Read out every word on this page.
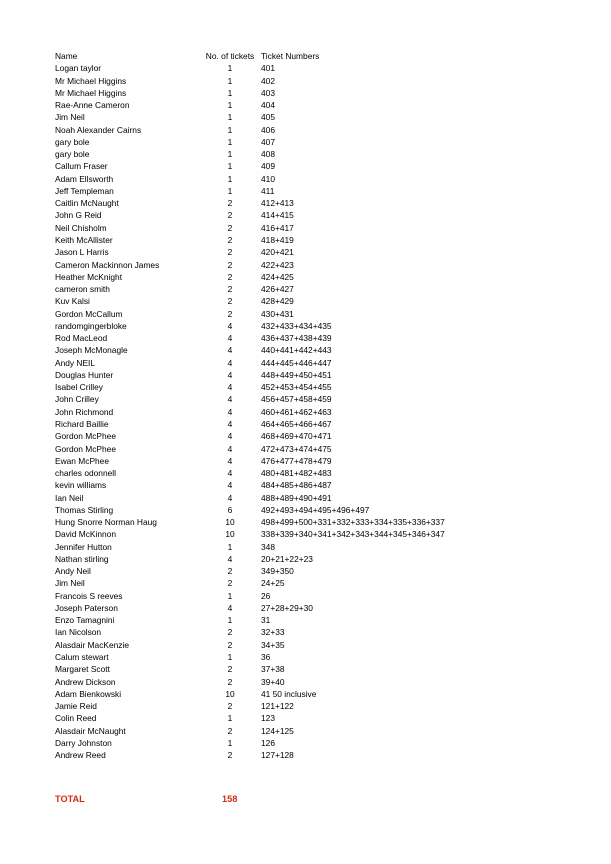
Name	No. of tickets	Ticket Numbers
Logan taylor	1	401
Mr Michael Higgins	1	402
Mr Michael Higgins	1	403
Rae-Anne Cameron	1	404
Jim Neil	1	405
Noah Alexander Cairns	1	406
gary bole	1	407
gary bole	1	408
Callum Fraser	1	409
Adam Ellsworth	1	410
Jeff Templeman	1	411
Caitlin McNaught	2	412+413
John G Reid	2	414+415
Neil Chisholm	2	416+417
Keith McAllister	2	418+419
Jason L Harris	2	420+421
Cameron Mackinnon James	2	422+423
Heather McKnight	2	424+425
cameron smith	2	426+427
Kuv Kalsi	2	428+429
Gordon McCallum	2	430+431
randomgingerbloke	4	432+433+434+435
Rod MacLeod	4	436+437+438+439
Joseph McMonagle	4	440+441+442+443
Andy NEIL	4	444+445+446+447
Douglas Hunter	4	448+449+450+451
Isabel Crilley	4	452+453+454+455
John Crilley	4	456+457+458+459
John Richmond	4	460+461+462+463
Richard Baillie	4	464+465+466+467
Gordon McPhee	4	468+469+470+471
Gordon McPhee	4	472+473+474+475
Ewan McPhee	4	476+477+478+479
charles odonnell	4	480+481+482+483
kevin williams	4	484+485+486+487
Ian Neil	4	488+489+490+491
Thomas Stirling	6	492+493+494+495+496+497
Hung Snorre Norman Haug	10	498+499+500+331+332+333+334+335+336+337
David McKinnon	10	338+339+340+341+342+343+344+345+346+347
Jennifer Hutton	1	348
Nathan stirling	4	20+21+22+23
Andy Neil	2	349+350
Jim Neil	2	24+25
Francois S reeves	1	26
Joseph Paterson	4	27+28+29+30
Enzo Tamagnini	1	31
Ian Nicolson	2	32+33
Alasdair MacKenzie	2	34+35
Calum stewart	1	36
Margaret Scott	2	37+38
Andrew Dickson	2	39+40
Adam Bienkowski	10	41 50 inclusive
Jamie Reid	2	121+122
Colin Reed	1	123
Alasdair McNaught	2	124+125
Darry Johnston	1	126
Andrew Reed	2	127+128
TOTAL	158
